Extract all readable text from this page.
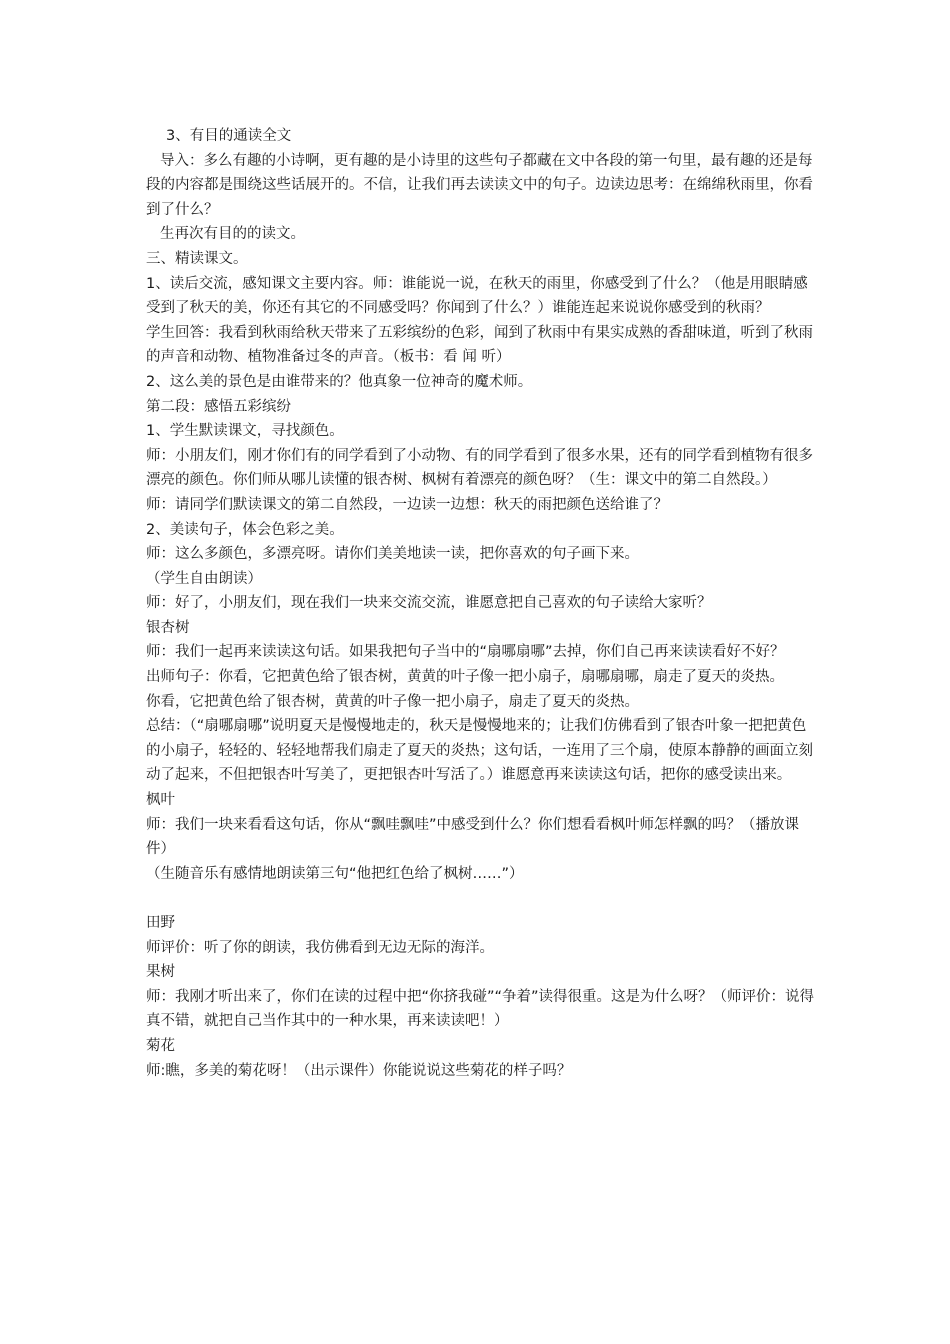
3、有目的通读全文

导入：多么有趣的小诗啊，更有趣的是小诗里的这些句子都藏在文中各段的第一句里，最有趣的还是每段的内容都是围绕这些话展开的。不信，让我们再去读读文中的句子。边读边思考：在绵绵秋雨里，你看到了什么？

生再次有目的的读文。

三、精读课文。

1、读后交流，感知课文主要内容。师：谁能说一说，在秋天的雨里，你感受到了什么？（他是用眼睛感受到了秋天的美，你还有其它的不同感受吗？你闻到了什么？）谁能连起来说说你感受到的秋雨？

学生回答：我看到秋雨给秋天带来了五彩缤纷的色彩，闻到了秋雨中有果实成熟的香甜味道，听到了秋雨的声音和动物、植物准备过冬的声音。（板书：看 闻 听）

2、这么美的景色是由谁带来的？他真象一位神奇的魔术师。

第二段：感悟五彩缤纷

1、学生默读课文，寻找颜色。

师：小朋友们，刚才你们有的同学看到了小动物、有的同学看到了很多水果，还有的同学看到植物有很多漂亮的颜色。你们师从哪儿读懂的银杏树、枫树有着漂亮的颜色呀？（生：课文中的第二自然段。）

师：请同学们默读课文的第二自然段，一边读一边想：秋天的雨把颜色送给谁了？

2、美读句子，体会色彩之美。

师：这么多颜色，多漂亮呀。请你们美美地读一读，把你喜欢的句子画下来。

（学生自由朗读）

师：好了，小朋友们，现在我们一块来交流交流，谁愿意把自己喜欢的句子读给大家听？

银杏树

师：我们一起再来读读这句话。如果我把句子当中的“扇哪扇哪”去掉，你们自己再来读读看好不好？

出师句子：你看，它把黄色给了银杏树，黄黄的叶子像一把小扇子，扇哪扇哪，扇走了夏天的炎热。

你看，它把黄色给了银杏树，黄黄的叶子像一把小扇子，扇走了夏天的炎热。

总结：（“扇哪扇哪”说明夏天是慢慢地走的，秋天是慢慢地来的；让我们仿佛看到了银杏叶象一把把黄色的小扇子，轻轻的、轻轻地帮我们扇走了夏天的炎热；这句话，一连用了三个扇，使原本静静的画面立刻动了起来，不但把银杏叶写美了，更把银杏叶写活了。）谁愿意再来读读这句话，把你的感受读出来。

枫叶

师：我们一块来看看这句话，你从“飘哇飘哇”中感受到什么？你们想看看枫叶师怎样飘的吗？（播放课件）

（生随音乐有感情地朗读第三句“他把红色给了枫树……”）

田野

师评价：听了你的朗读，我仿佛看到无边无际的海洋。

果树

师：我刚才听出来了，你们在读的过程中把“你挤我碰”“争着”读得很重。这是为什么呀？（师评价：说得真不错，就把自己当作其中的一种水果，再来读读吧！）

菊花

师:瞧，多美的菊花呀！（出示课件）你能说说这些菊花的样子吗？
